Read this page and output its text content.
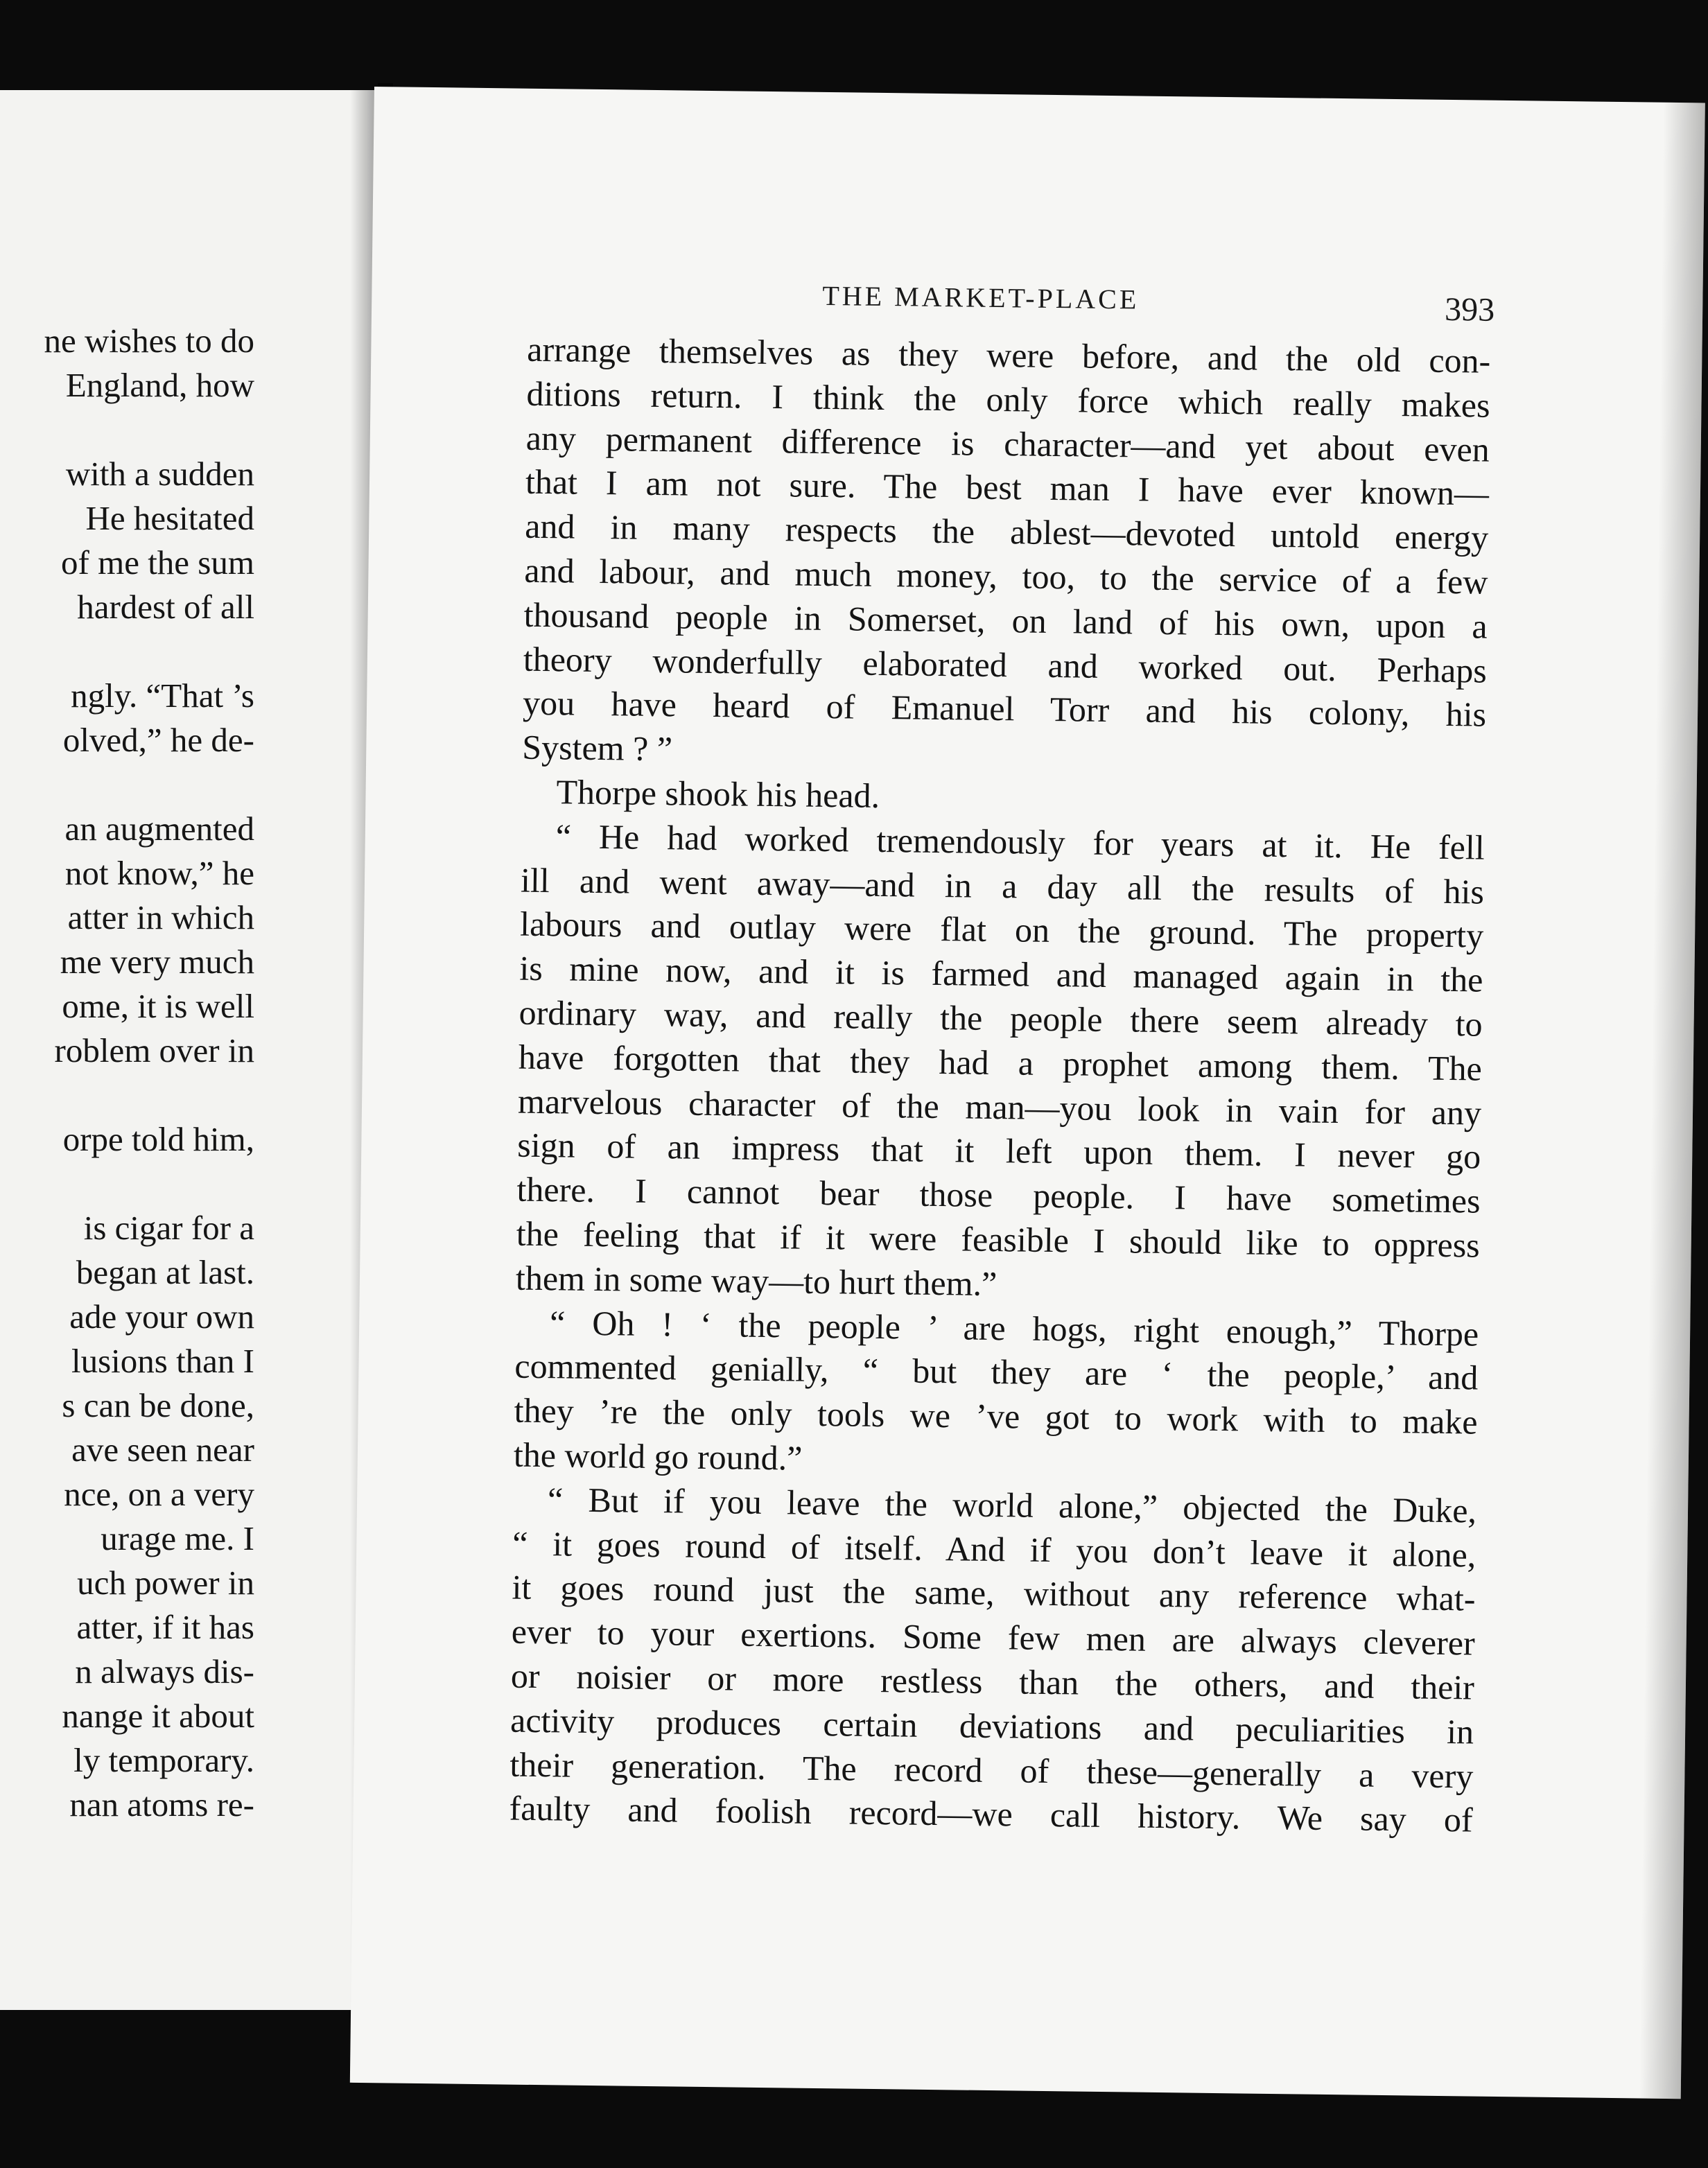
ne wishes to do
England, how
with a sudden
He hesitated
of me the sum
hardest of all
ngly. “That ’s
olved,” he de-
an augmented
not know,” he
atter in which
me very much
ome, it is well
roblem over in
orpe told him,
is cigar for a
began at last.
ade your own
lusions than I
s can be done,
ave seen near
nce, on a very
urage me. I
uch power in
atter, if it has
n always dis-
nange it about
ly temporary.
nan atoms re-
THE MARKET-PLACE	393
arrange themselves as they were before, and the old con-
ditions return. I think the only force which really makes
any permanent difference is character—and yet about even
that I am not sure. The best man I have ever known—
and in many respects the ablest—devoted untold energy
and labour, and much money, too, to the service of a few
thousand people in Somerset, on land of his own, upon a
theory wonderfully elaborated and worked out. Perhaps
you have heard of Emanuel Torr and his colony, his
System ? ”
Thorpe shook his head.
“ He had worked tremendously for years at it. He fell
ill and went away—and in a day all the results of his
labours and outlay were flat on the ground. The property
is mine now, and it is farmed and managed again in the
ordinary way, and really the people there seem already to
have forgotten that they had a prophet among them. The
marvelous character of the man—you look in vain for any
sign of an impress that it left upon them. I never go
there. I cannot bear those people. I have sometimes
the feeling that if it were feasible I should like to oppress
them in some way—to hurt them.”
“ Oh ! ‘ the people ’ are hogs, right enough,” Thorpe
commented genially, “ but they are ‘ the people,’ and
they ’re the only tools we ’ve got to work with to make
the world go round.”
“ But if you leave the world alone,” objected the Duke,
“ it goes round of itself. And if you don’t leave it alone,
it goes round just the same, without any reference what-
ever to your exertions. Some few men are always cleverer
or noisier or more restless than the others, and their
activity produces certain deviations and peculiarities in
their generation. The record of these—generally a very
faulty and foolish record—we call history. We say of
